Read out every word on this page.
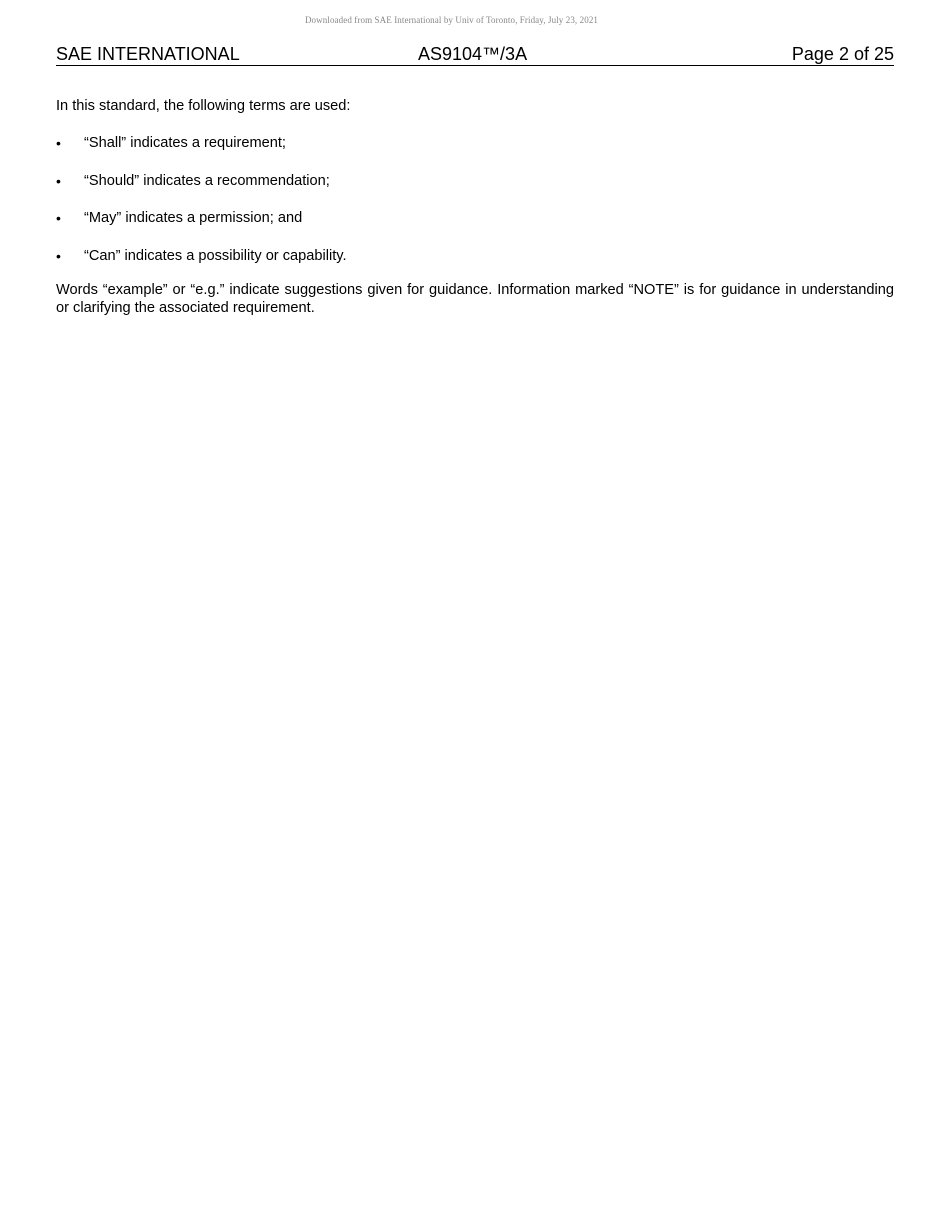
Downloaded from SAE International by Univ of Toronto, Friday, July 23, 2021
SAE INTERNATIONAL	AS9104™/3A	Page 2 of 25

In this standard, the following terms are used:

•	“Shall” indicates a requirement;
•	“Should” indicates a recommendation;
•	“May” indicates a permission; and
•	“Can” indicates a possibility or capability.

Words “example” or “e.g.” indicate suggestions given for guidance. Information marked “NOTE” is for guidance in understanding or clarifying the associated requirement.
